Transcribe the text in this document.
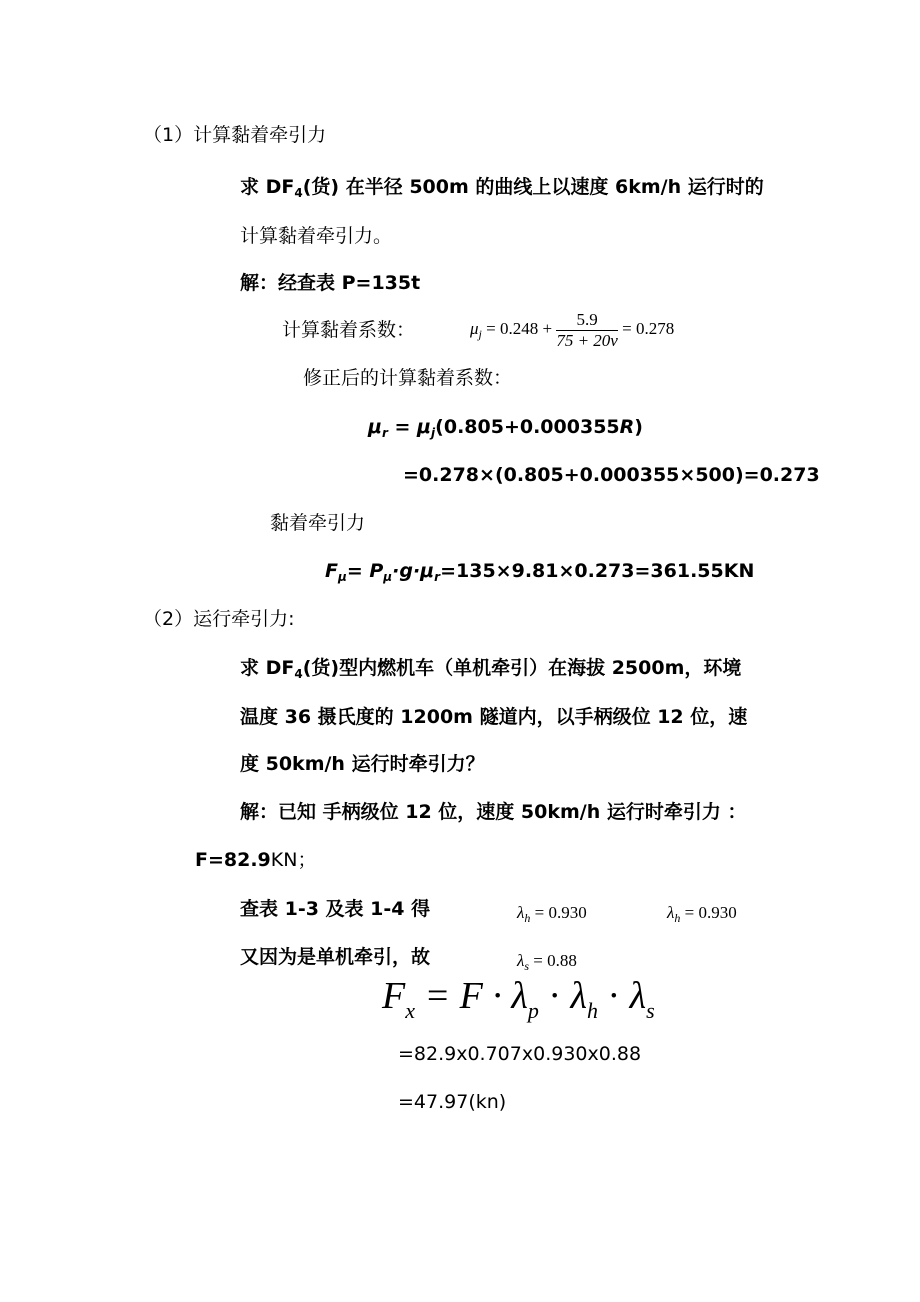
（1）计算黏着牵引力
求 $DF_4$(货) 在半径 500m 的曲线上以速度 6km/h 运行时的
计算黏着牵引力。
解：经查表 P=135t
计算黏着系数：	$\mu_j = 0.248 + \frac{5.9}{75 + 20v} = 0.278$
修正后的计算黏着系数：
$\mu_r = \mu_j(0.805+0.000355R)$
=0.278×(0.805+0.000355×500)=0.273
黏着牵引力
$F_\mu= P_\mu\cdot g\cdot\mu_r=135\times 9.81\times 0.273=361.55KN$
（2）运行牵引力:
求 $DF_4$(货)型内燃机车（单机牵引）在海拔 2500m，环境
温度 36 摄氏度的 1200m 隧道内，以手柄级位 12 位，速
度 50km/h 运行时牵引力？
解：已知 手柄级位 12 位，速度 50km/h 运行时牵引力 ：
F=82.9KN；
查表 1-3 及表 1-4 得	$\lambda_h = 0.930$	$\lambda_h = 0.930$
又因为是单机牵引，故	$\lambda_s = 0.88$
$F_x = F \cdot \lambda_p \cdot \lambda_h \cdot \lambda_s$
=82.9x0.707x0.930x0.88
=47.97(kn)
